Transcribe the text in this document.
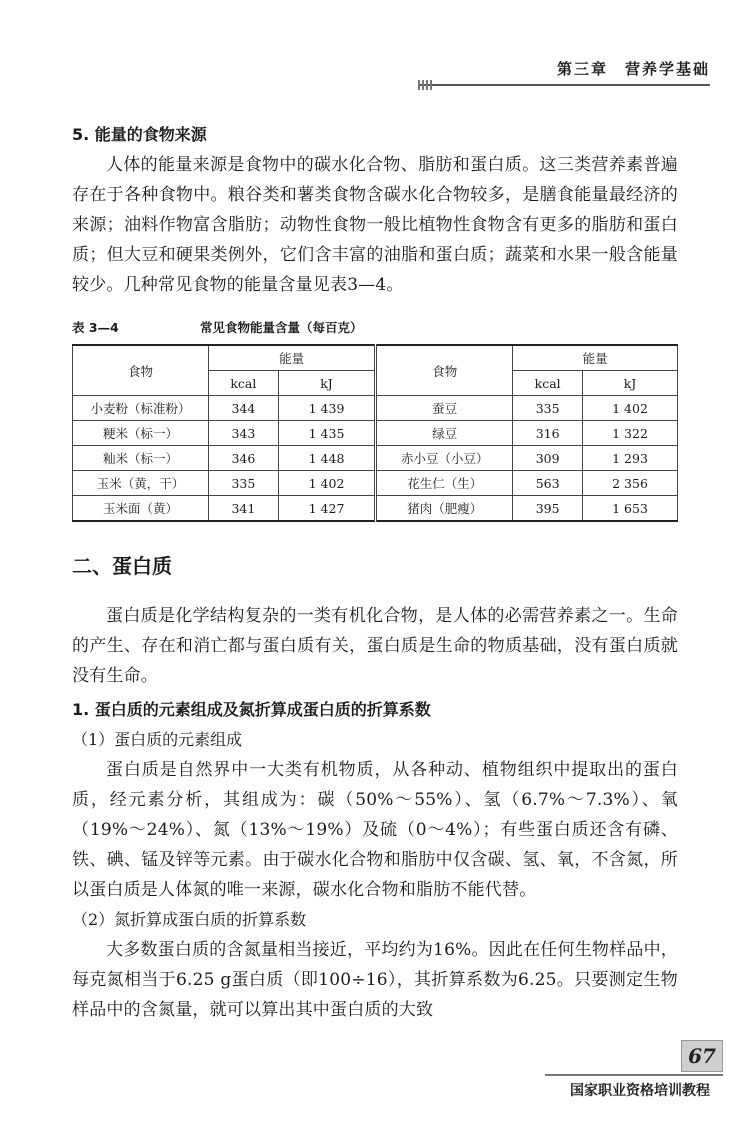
第三章　营养学基础
5. 能量的食物来源

人体的能量来源是食物中的碳水化合物、脂肪和蛋白质。这三类营养素普遍存在于各种食物中。粮谷类和薯类食物含碳水化合物较多，是膳食能量最经济的来源；油料作物富含脂肪；动物性食物一般比植物性食物含有更多的脂肪和蛋白质；但大豆和硬果类例外，它们含丰富的油脂和蛋白质；蔬菜和水果一般含能量较少。几种常见食物的能量含量见表3—4。

表 3—4	常见食物能量含量（每百克）
食物	能量		食物	能量	
	kcal	kJ		kcal	kJ
小麦粉（标准粉）	344	1 439	蚕豆	335	1 402
粳米（标一）	343	1 435	绿豆	316	1 322
籼米（标一）	346	1 448	赤小豆（小豆）	309	1 293
玉米（黄，干）	335	1 402	花生仁（生）	563	2 356
玉米面（黄）	341	1 427	猪肉（肥瘦）	395	1 653
二、蛋白质

蛋白质是化学结构复杂的一类有机化合物，是人体的必需营养素之一。生命的产生、存在和消亡都与蛋白质有关，蛋白质是生命的物质基础，没有蛋白质就没有生命。

1. 蛋白质的元素组成及氮折算成蛋白质的折算系数

（1）蛋白质的元素组成

蛋白质是自然界中一大类有机物质，从各种动、植物组织中提取出的蛋白质，经元素分析，其组成为：碳（50%～55%）、氢（6.7%～7.3%）、氧（19%～24%）、氮（13%～19%）及硫（0～4%）；有些蛋白质还含有磷、铁、碘、锰及锌等元素。由于碳水化合物和脂肪中仅含碳、氢、氧，不含氮，所以蛋白质是人体氮的唯一来源，碳水化合物和脂肪不能代替。

（2）氮折算成蛋白质的折算系数

大多数蛋白质的含氮量相当接近，平均约为16%。因此在任何生物样品中，每克氮相当于6.25 g蛋白质（即100÷16），其折算系数为6.25。只要测定生物样品中的含氮量，就可以算出其中蛋白质的大致

67
国家职业资格培训教程
